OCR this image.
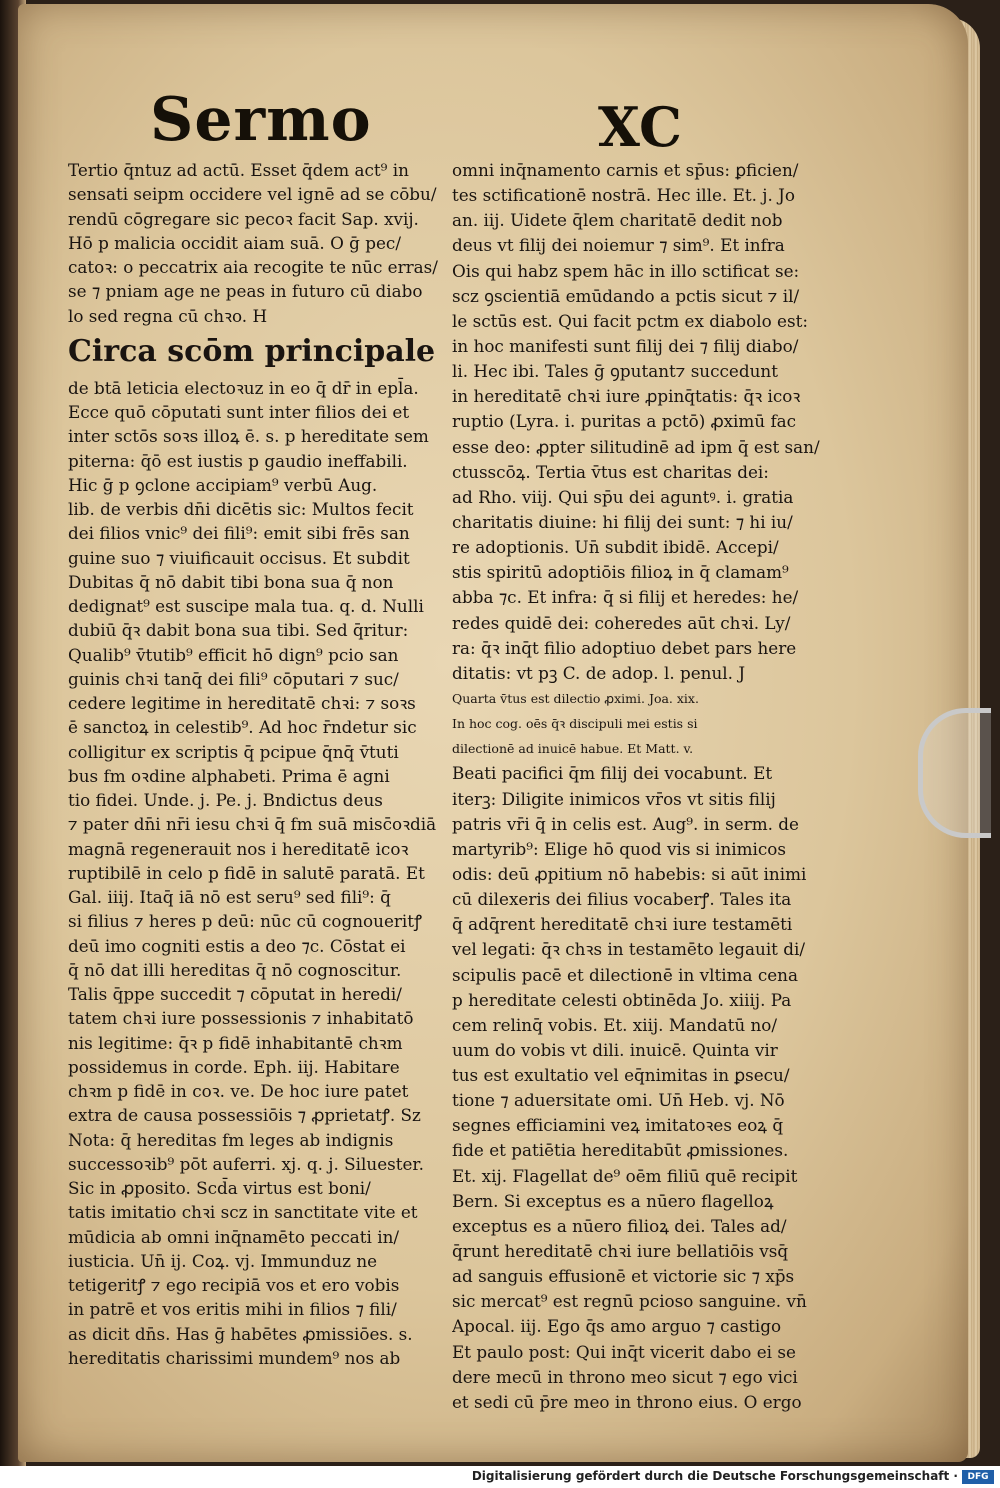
Sermo	XC
Tertio q̄ntuz ad actū. Esset q̄dem act⁹ in
sensati seipm occidere vel ignē ad se cōbu/
rendū cōgregare sic pecoꝛ facit Sap. xvij.
Hō p malicia occidit aiam suā. O ḡ pec/
catoꝛ: o peccatrix aia recogite te nūc erras/
se ⁊ pniam age ne peas in futuro cū diabo
lo sed regna cū chꝛo. H
Circa scōm principale
de btā leticia electoꝛuz in eo q̄ dr̄ in epl̄a.
Ecce quō cōputati sunt inter filios dei et
inter sctōs soꝛs illoꝝ ē. s. p hereditate sem
piterna: q̄ō est iustis p gaudio ineffabili.
Hic ḡ p ꝯclone accipiam⁹ verbū Aug.
lib. de verbis dn̄i dicētis sic: Multos fecit
dei filios vnic⁹ dei fili⁹: emit sibi frēs san
guine suo ⁊ viuificauit occisus. Et subdit
Dubitas q̄ nō dabit tibi bona sua q̄ non
dedignat⁹ est suscipe mala tua. q. d. Nulli
dubiū q̄ꝛ dabit bona sua tibi. Sed q̄ritur:
Qualib⁹ v̄tutib⁹ efficit hō dign⁹ pcio san
guinis chꝛi tanq̄ dei fili⁹ cōputari ⁊ suc/
cedere legitime in hereditatē chꝛi: ⁊ soꝛs
ē sanctoꝝ in celestib⁹. Ad hoc r̄ndetur sic
colligitur ex scriptis q̄ pcipue q̄nq̄ v̄tuti
bus fm oꝛdine alphabeti. Prima ē agni
tio fidei. Unde. j. Pe. j. Bndictus deus
⁊ pater dn̄i nr̄i iesu chꝛi q̄ fm suā misc̄oꝛdiā
magnā regenerauit nos i hereditatē icoꝛ
ruptibilē in celo p fidē in salutē paratā. Et
Gal. iiij. Itaq̄ iā nō est seru⁹ sed fili⁹: q̄
si filius ⁊ heres p deū: nūc cū cognoueritꝭ
deū imo cogniti estis a deo ⁊c. Cōstat ei
q̄ nō dat illi hereditas q̄ nō cognoscitur.
Talis q̄ppe succedit ⁊ cōputat in heredi/
tatem chꝛi iure possessionis ⁊ inhabitatō
nis legitime: q̄ꝛ p fidē inhabitantē chꝛm
possidemus in corde. Eph. iij. Habitare
chꝛm p fidē in coꝛ. ve. De hoc iure patet
extra de causa possessiōis ⁊ ꝓprietatꝭ. Sz
Nota: q̄ hereditas fm leges ab indignis
successoꝛib⁹ pōt auferri. xj. q. j. Siluester.
Sic in ꝓposito. Scd̄a virtus est boni/
tatis imitatio chꝛi scz in sanctitate vite et
mūdicia ab omni inq̄namēto peccati in/
iusticia. Un̄ ij. Coꝝ. vj. Immunduz ne
tetigeritꝭ ⁊ ego recipiā vos et ero vobis
in patrē et vos eritis mihi in filios ⁊ fili/
as dicit dn̄s. Has ḡ habētes ꝓmissiōes. s.
hereditatis charissimi mundem⁹ nos ab
omni inq̄namento carnis et sp̄us: ꝑficien/
tes sctificationē nostrā. Hec ille. Et. j. Jo
an. iij. Uidete q̄lem charitatē dedit nob
deus vt filij dei noiemur ⁊ sim⁹. Et infra
Ois qui habz spem hāc in illo sctificat se:
scz ꝯscientiā emūdando a pctis sicut ⁊ il/
le sctūs est. Qui facit pctm ex diabolo est:
in hoc manifesti sunt filij dei ⁊ filij diabo/
li. Hec ibi. Tales ḡ ꝯputant⁊ succedunt
in hereditatē chꝛi iure ꝓpinq̄tatis: q̄ꝛ icoꝛ
ruptio (Lyra. i. puritas a pctō) ꝓximū fac
esse deo: ꝓpter silitudinē ad ipm q̄ est san/
ctusscōꝝ. Tertia v̄tus est charitas dei:
ad Rho. viij. Qui sp̄u dei aguntꝰ. i. gratia
charitatis diuine: hi filij dei sunt: ⁊ hi iu/
re adoptionis. Un̄ subdit ibidē. Accepi/
stis spiritū adoptiōis filioꝝ in q̄ clamam⁹
abba ⁊c. Et infra: q̄ si filij et heredes: he/
redes quidē dei: coheredes aūt chꝛi. Ly/
ra: q̄ꝛ inq̄t filio adoptiuo debet pars here
ditatis: vt pꝫ C. de adop. l. penul. J
Quarta v̄tus est dilectio ꝓximi. Joa. xix.
In hoc cog. oēs q̄ꝛ discipuli mei estis si
dilectionē ad inuicē habue. Et Matt. v.
Beati pacifici q̄m filij dei vocabunt. Et
iterꝫ: Diligite inimicos vr̄os vt sitis filij
patris vr̄i q̄ in celis est. Aug⁹. in serm. de
martyrib⁹: Elige hō quod vis si inimicos
odis: deū ꝓpitium nō habebis: si aūt inimi
cū dilexeris dei filius vocaberꝭ. Tales ita
q̄ adq̄rent hereditatē chꝛi iure testamēti
vel legati: q̄ꝛ chꝛs in testamēto legauit di/
scipulis pacē et dilectionē in vltima cena
p hereditate celesti obtinēda Jo. xiiij. Pa
cem relinq̄ vobis. Et. xiij. Mandatū no/
uum do vobis vt dili. inuicē. Quinta vir
tus est exultatio vel eq̄nimitas in ꝑsecu/
tione ⁊ aduersitate omi. Un̄ Heb. vj. Nō
segnes efficiamini veꝝ imitatoꝛes eoꝝ q̄
fide et patiētia hereditabūt ꝓmissiones.
Et. xij. Flagellat de⁹ oēm filiū quē recipit
Bern. Si exceptus es a nūero flagelloꝝ
exceptus es a nūero filioꝝ dei. Tales ad/
q̄runt hereditatē chꝛi iure bellatiōis vsq̄
ad sanguis effusionē et victorie sic ⁊ xp̄s
sic mercat⁹ est regnū pcioso sanguine. vn̄
Apocal. iij. Ego q̄s amo arguo ⁊ castigo
Et paulo post: Qui inq̄t vicerit dabo ei se
dere mecū in throno meo sicut ⁊ ego vici
et sedi cū p̄re meo in throno eius. O ergo
Digitalisierung gefördert durch die Deutsche Forschungsgemeinschaft ·	DFG
